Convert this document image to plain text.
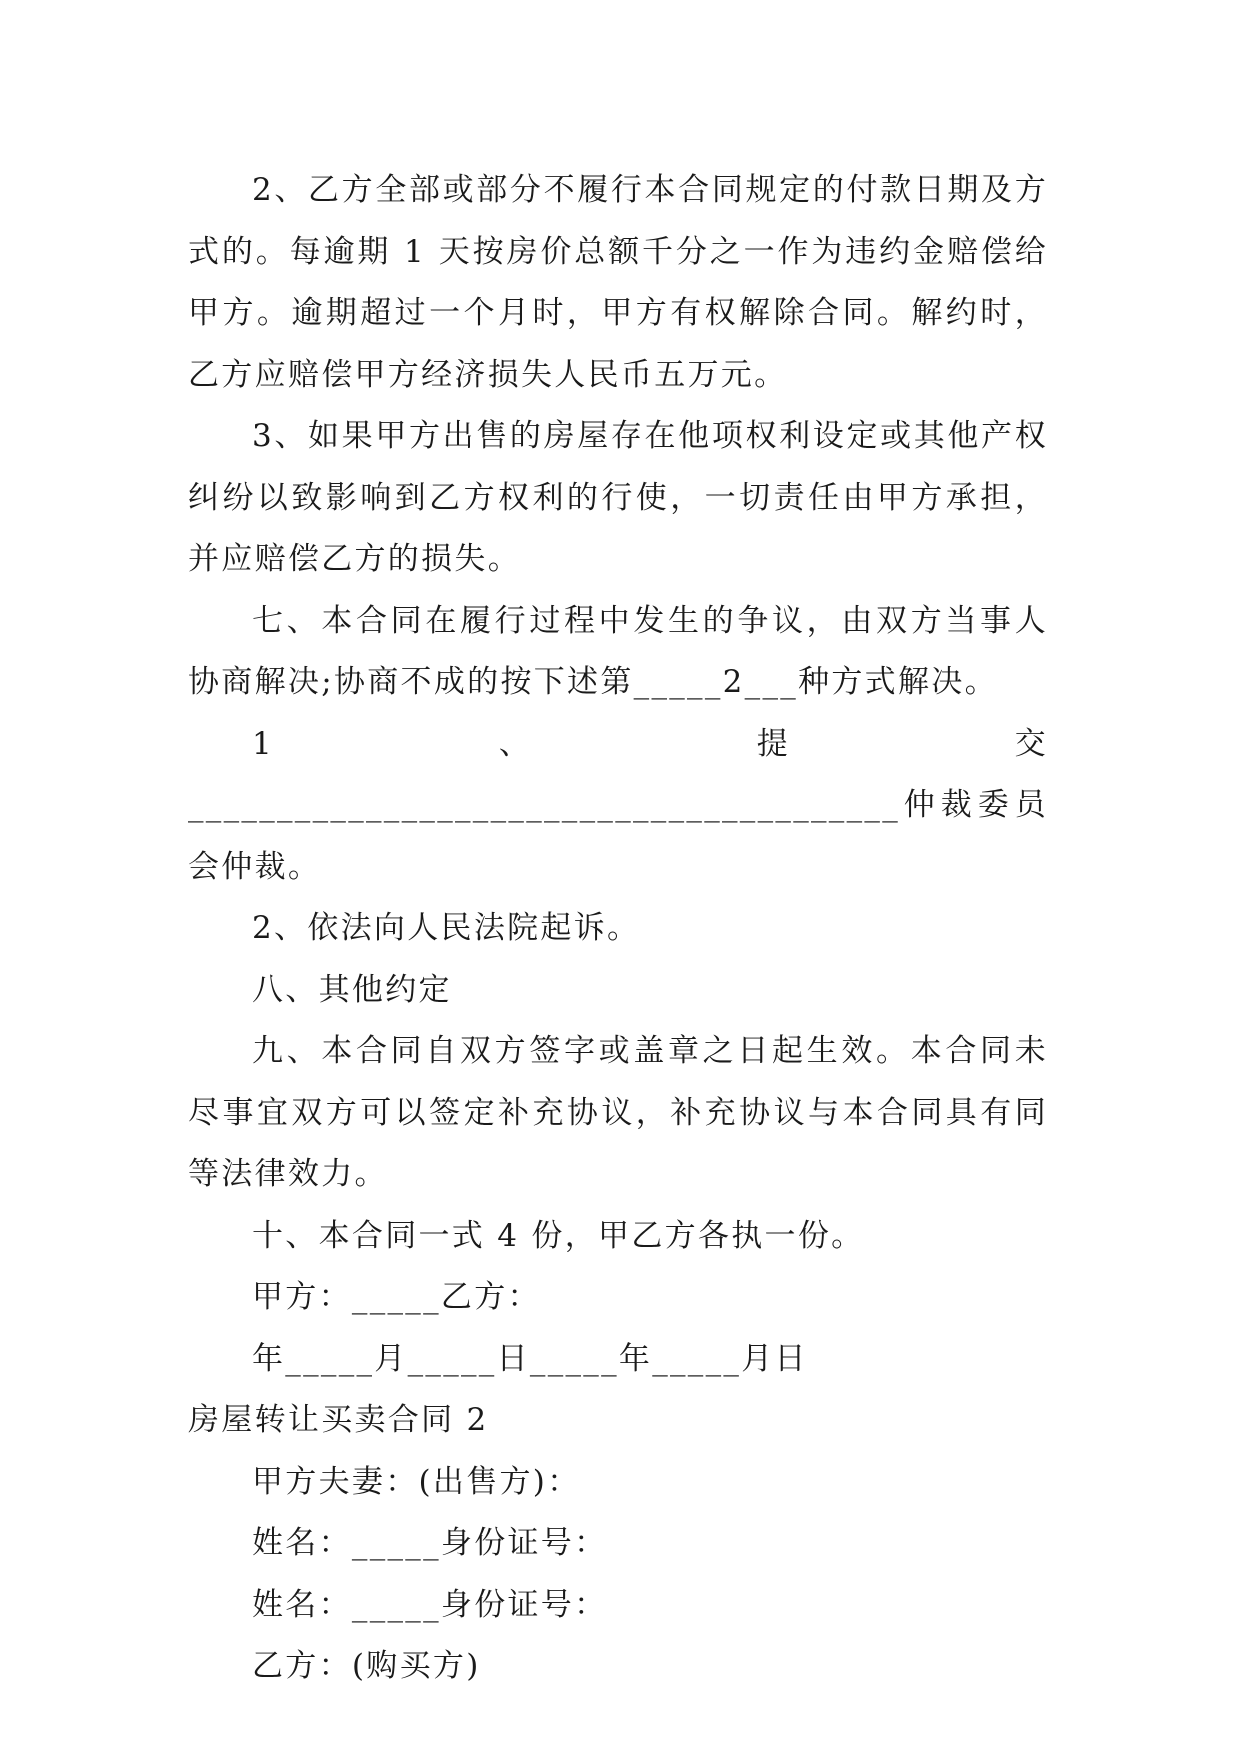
2、乙方全部或部分不履行本合同规定的付款日期及方式的。每逾期 1 天按房价总额千分之一作为违约金赔偿给甲方。逾期超过一个月时，甲方有权解除合同。解约时，乙方应赔偿甲方经济损失人民币五万元。

3、如果甲方出售的房屋存在他项权利设定或其他产权纠纷以致影响到乙方权利的行使，一切责任由甲方承担，并应赔偿乙方的损失。

七、本合同在履行过程中发生的争议，由双方当事人协商解决;协商不成的按下述第_____2___种方式解决。

1、提交________________________________________仲裁委员会仲裁。

2、依法向人民法院起诉。

八、其他约定

九、本合同自双方签字或盖章之日起生效。本合同未尽事宜双方可以签定补充协议，补充协议与本合同具有同等法律效力。

十、本合同一式 4 份，甲乙方各执一份。

甲方：_____乙方：

年_____月_____日_____年_____月日

房屋转让买卖合同 2

甲方夫妻：(出售方)：

姓名：_____身份证号：

姓名：_____身份证号：

乙方：(购买方)
